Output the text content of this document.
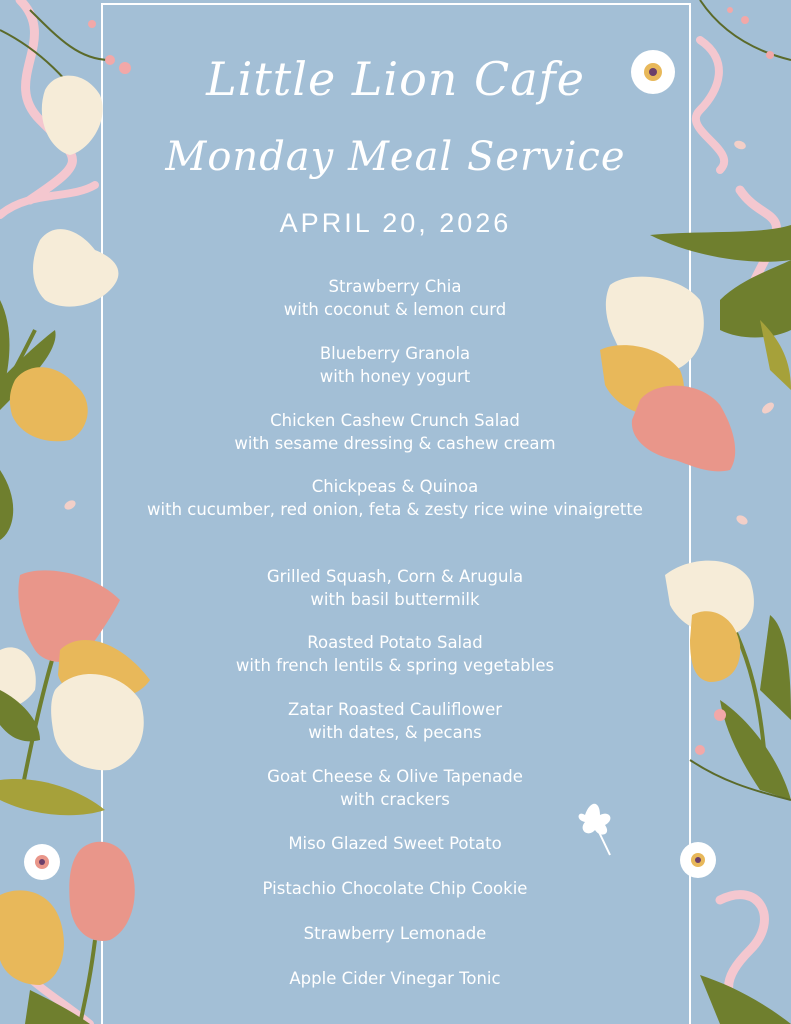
Little Lion Cafe
Monday Meal Service
APRIL 20, 2026
Strawberry Chia
with coconut & lemon curd
Blueberry Granola
with honey yogurt
Chicken Cashew Crunch Salad
with sesame dressing & cashew cream
Chickpeas & Quinoa
with cucumber, red onion, feta & zesty rice wine vinaigrette
Grilled Squash, Corn & Arugula
with basil buttermilk
Roasted Potato Salad
with french lentils & spring vegetables
Zatar Roasted Cauliflower
with dates, & pecans
Goat Cheese & Olive Tapenade
with crackers
Miso Glazed Sweet Potato
Pistachio Chocolate Chip Cookie
Strawberry Lemonade
Apple Cider Vinegar Tonic
